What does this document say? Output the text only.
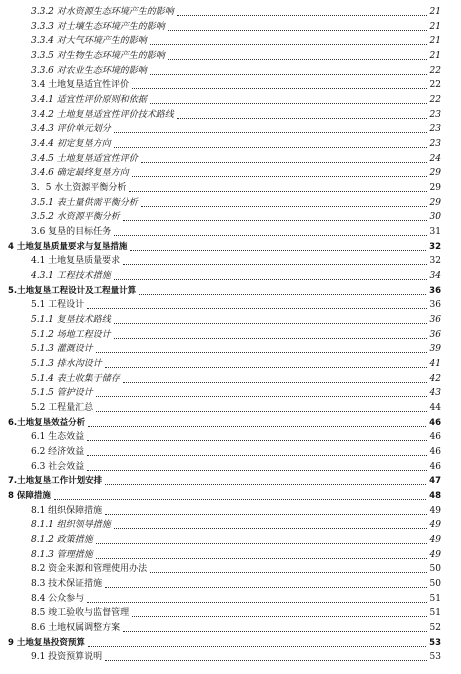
3.3.2 对水资源生态环境产生的影响	21
3.3.3 对土壤生态环境产生的影响	21
3.3.4 对大气环境产生的影响	21
3.3.5 对生物生态环境产生的影响	21
3.3.6 对农业生态环境的影响	22
3.4 土地复垦适宜性评价	22
3.4.1 适宜性评价原则和依据	22
3.4.2 土地复垦适宜性评价技术路线	23
3.4.3 评价单元划分	23
3.4.4 初定复垦方向	23
3.4.5 土地复垦适宜性评价	24
3.4.6 确定最终复垦方向	29
3．5 水土资源平衡分析	29
3.5.1 表土量供需平衡分析	29
3.5.2 水资源平衡分析	30
3.6 复垦的目标任务	31
4 土地复垦质量要求与复垦措施	32
4.1 土地复垦质量要求	32
4.3.1 工程技术措施	34
5.土地复垦工程设计及工程量计算	36
5.1 工程设计	36
5.1.1 复垦技术路线	36
5.1.2 场地工程设计	36
5.1.3 灌溉设计	39
5.1.3 排水沟设计	41
5.1.4 表土收集于储存	42
5.1.5 管护设计	43
5.2 工程量汇总	44
6.土地复垦效益分析	46
6.1 生态效益	46
6.2 经济效益	46
6.3 社会效益	46
7.土地复垦工作计划安排	47
8 保障措施	48
8.1 组织保障措施	49
8.1.1 组织领导措施	49
8.1.2 政策措施	49
8.1.3 管理措施	49
8.2 资金来源和管理使用办法	50
8.3 技术保证措施	50
8.4 公众参与	51
8.5 竣工验收与监督管理	51
8.6 土地权属调整方案	52
9 土地复垦投资预算	53
9.1 投资预算说明	53
